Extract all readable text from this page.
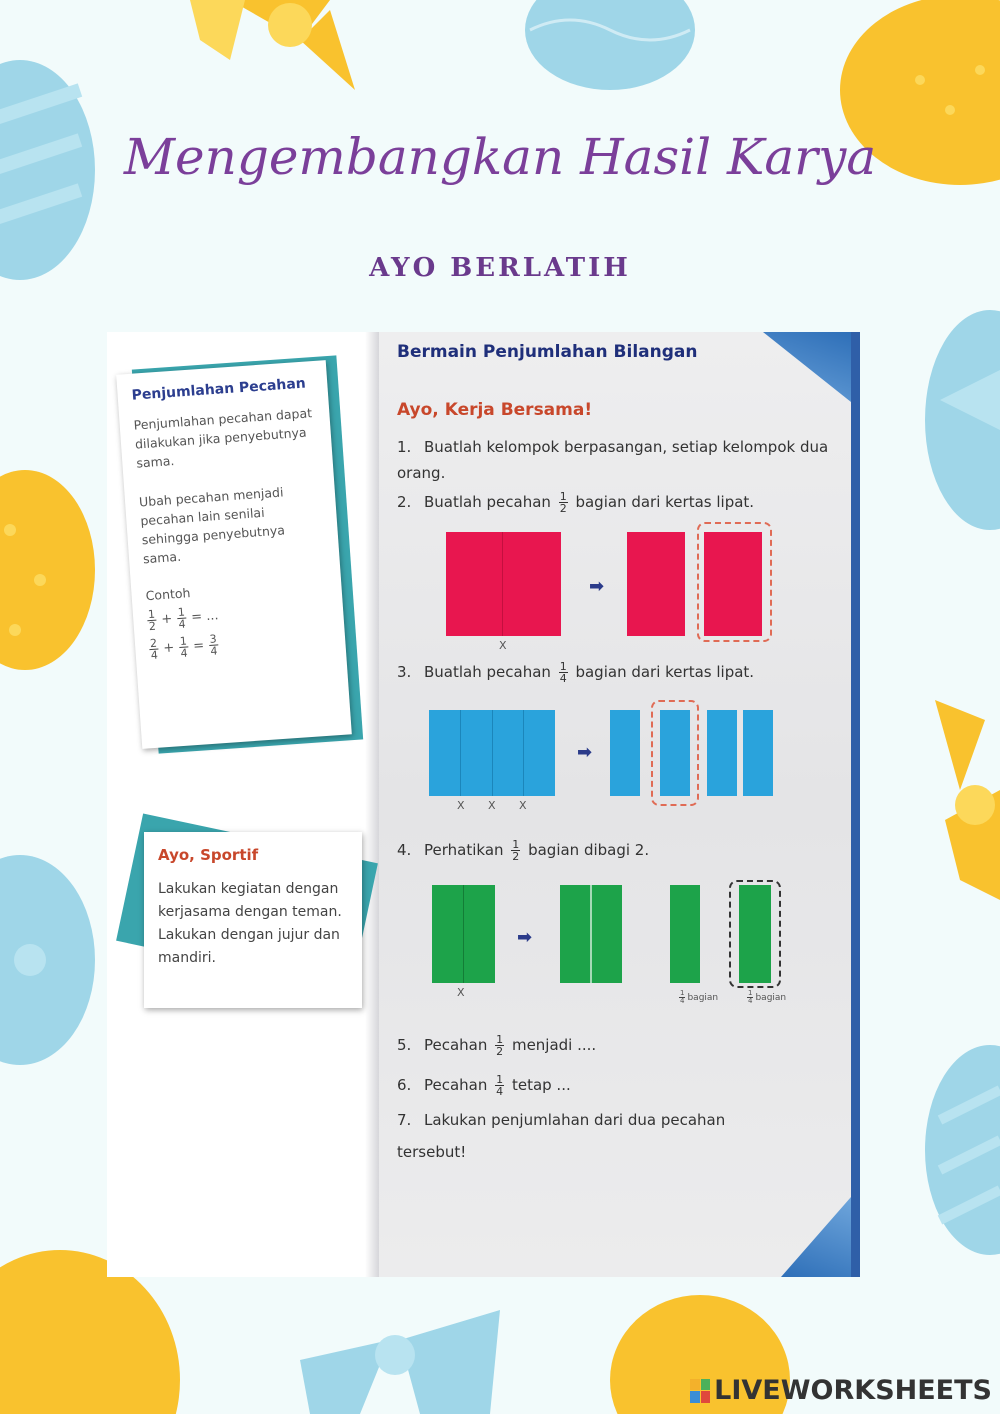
Mengembangkan Hasil Karya
AYO BERLATIH
Penjumlahan Pecahan

Penjumlahan pecahan dapat dilakukan jika penyebutnya sama.

Ubah pecahan menjadi pecahan lain senilai sehingga penyebutnya sama.

Contoh
$\frac{1}{2} + \frac{1}{4}$ = ...
$\frac{2}{4} + \frac{1}{4} = \frac{3}{4}$
Ayo, Sportif

Lakukan kegiatan dengan kerjasama dengan teman. Lakukan dengan jujur dan mandiri.

Bermain Penjumlahan Bilangan
Ayo, Kerja Bersama!
1. Buatlah kelompok berpasangan, setiap kelompok dua orang.
2. Buatlah pecahan $\frac{1}{2}$ bagian dari kertas lipat.
X
➡
3. Buatlah pecahan $\frac{1}{4}$ bagian dari kertas lipat.
X X X
➡
4. Perhatikan $\frac{1}{2}$ bagian dibagi 2.
X
➡
$\frac{1}{4}$ bagian	$\frac{1}{4}$ bagian
5. Pecahan $\frac{1}{2}$ menjadi ....
6. Pecahan $\frac{1}{4}$ tetap ...
7. Lakukan penjumlahan dari dua pecahan tersebut!
LIVEWORKSHEETS
